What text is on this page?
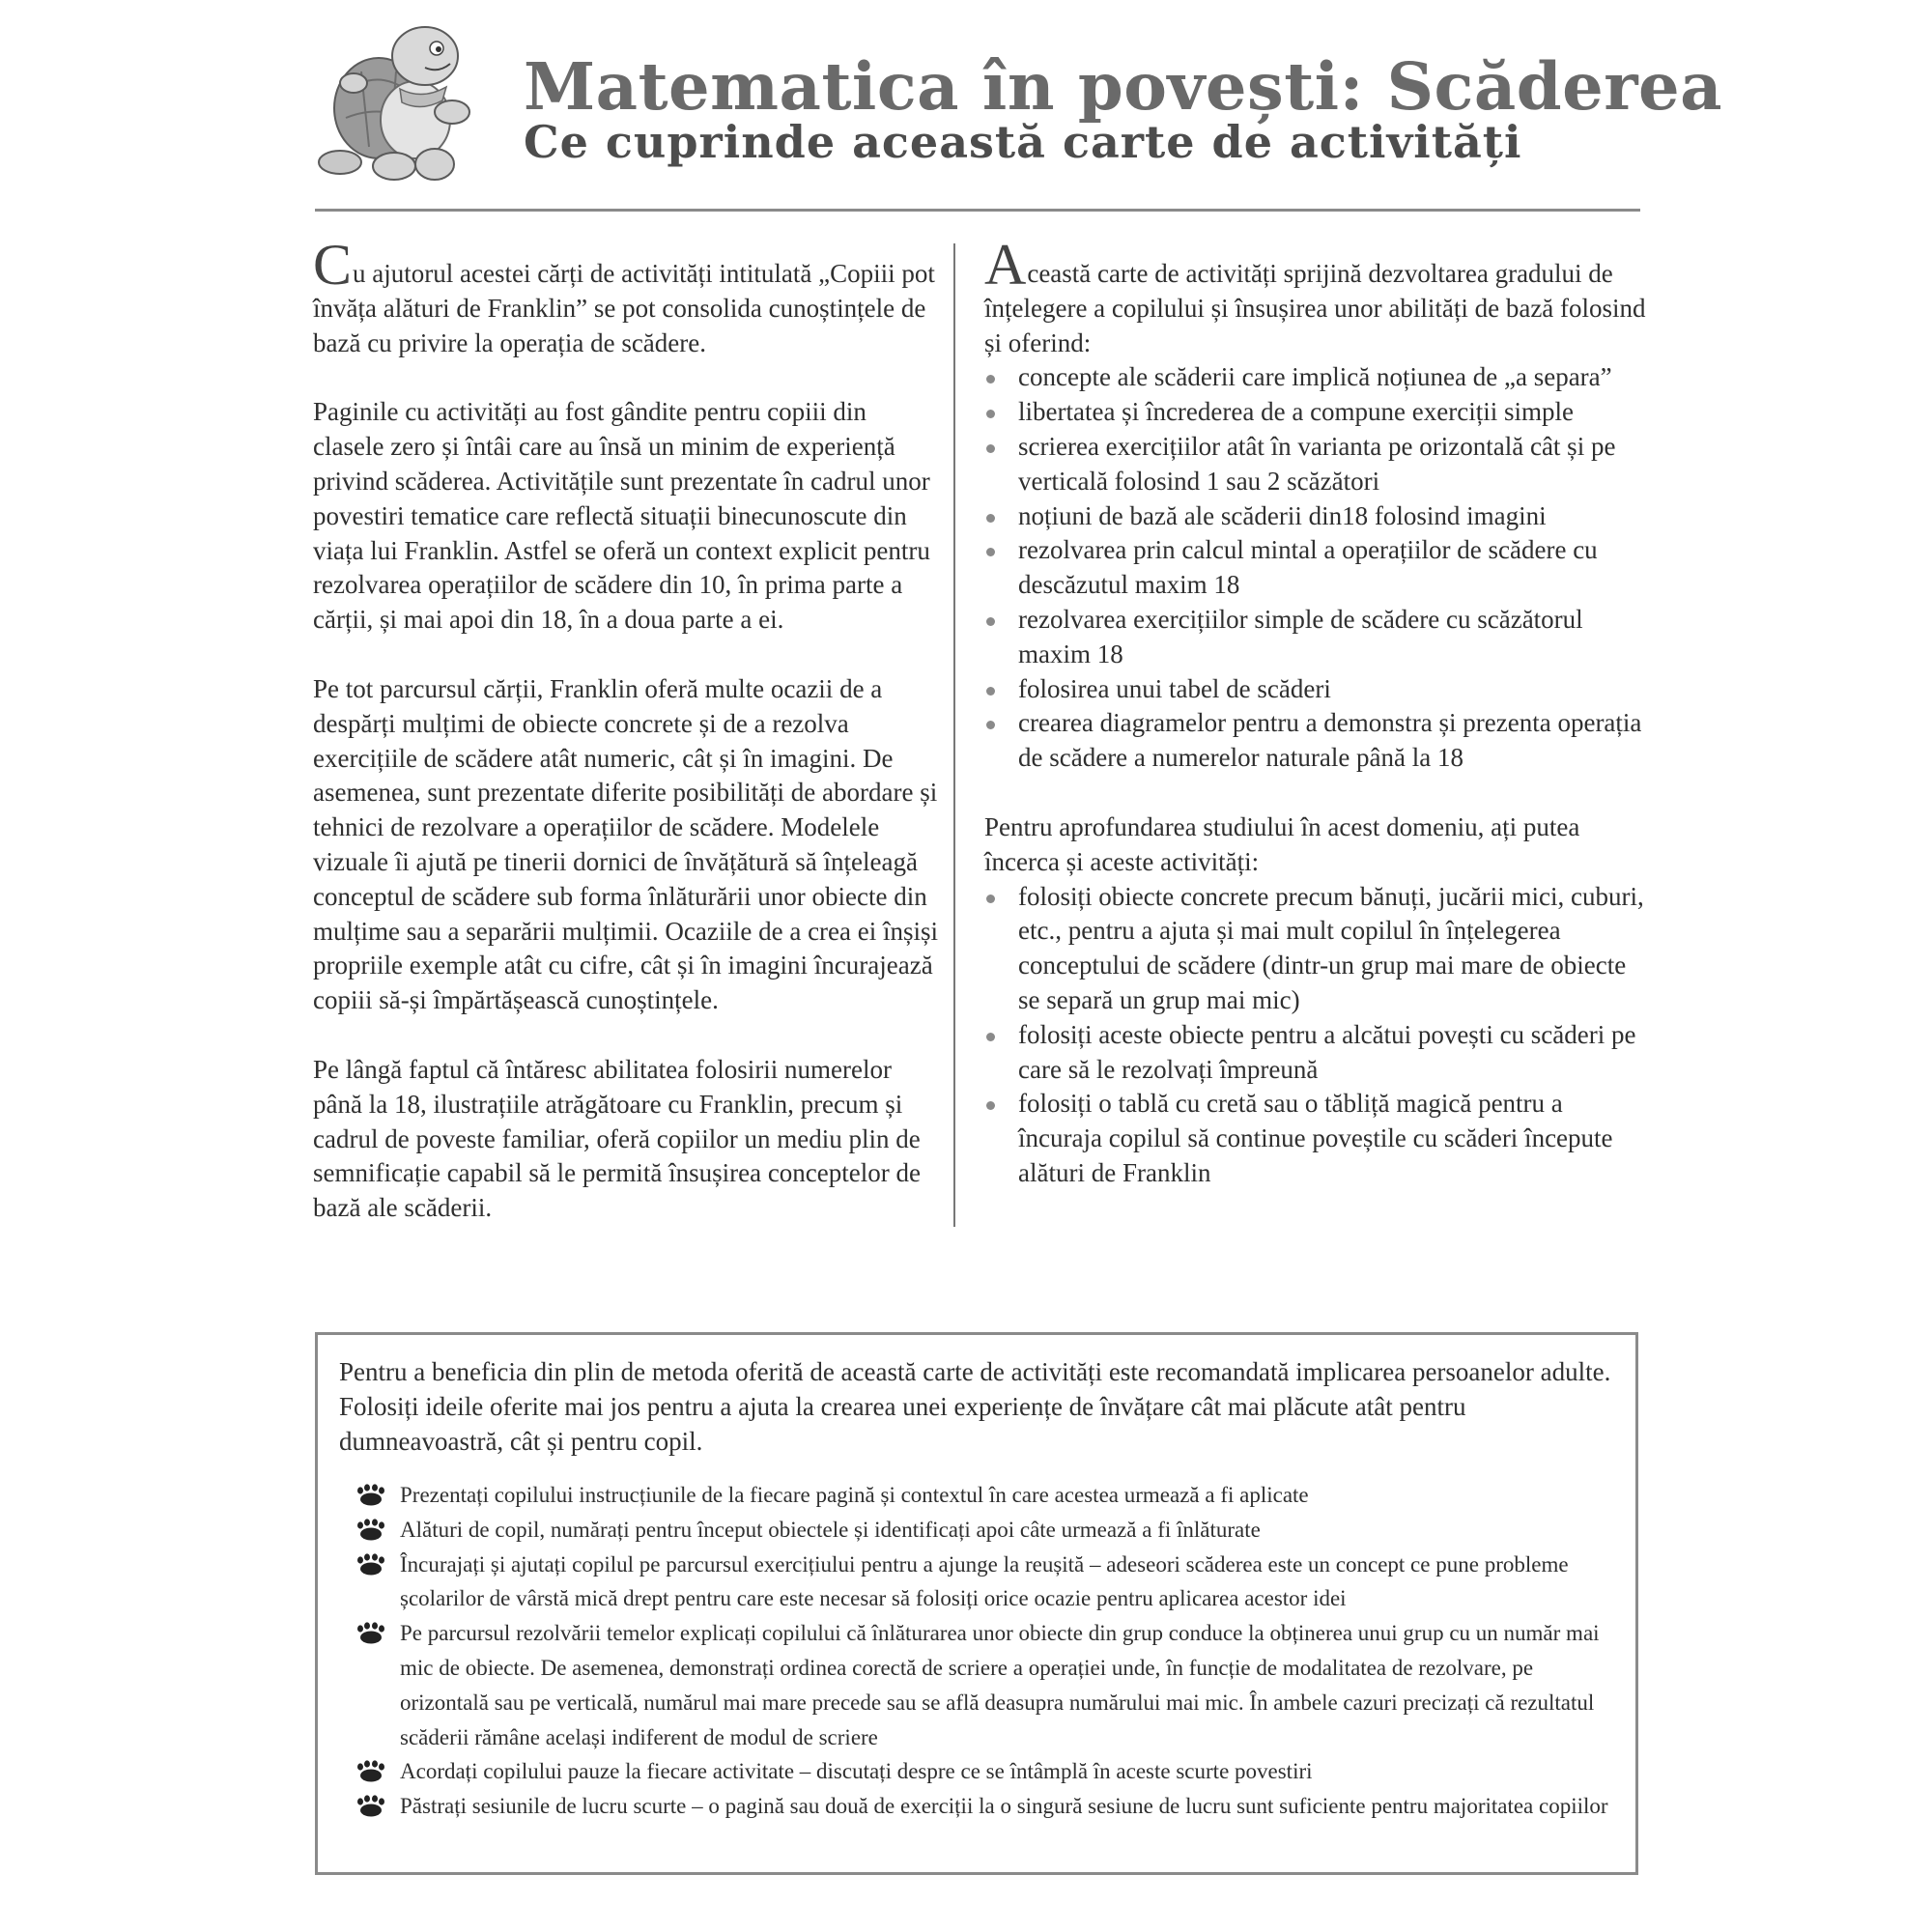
Matematica în povești: Scăderea
Ce cuprinde această carte de activități

Cu ajutorul acestei cărți de activități intitulată „Copiii pot învăța alături de Franklin” se pot consolida cunoștințele de bază cu privire la operația de scădere.

Paginile cu activități au fost gândite pentru copiii din clasele zero și întâi care au însă un minim de experiență privind scăderea. Activitățile sunt prezentate în cadrul unor povestiri tematice care reflectă situații binecunoscute din viața lui Franklin. Astfel se oferă un context explicit pentru rezolvarea operațiilor de scădere din 10, în prima parte a cărții, și mai apoi din 18, în a doua parte a ei.

Pe tot parcursul cărții, Franklin oferă multe ocazii de a despărți mulțimi de obiecte concrete și de a rezolva exercițiile de scădere atât numeric, cât și în imagini. De asemenea, sunt prezentate diferite posibilități de abordare și tehnici de rezolvare a operațiilor de scădere. Modelele vizuale îi ajută pe tinerii dornici de învățătură să înțeleagă conceptul de scădere sub forma înlăturării unor obiecte din mulțime sau a separării mulțimii. Ocaziile de a crea ei înșiși propriile exemple atât cu cifre, cât și în imagini încurajează copiii să-și împărtășească cunoștințele.

Pe lângă faptul că întăresc abilitatea folosirii numerelor până la 18, ilustrațiile atrăgătoare cu Franklin, precum și cadrul de poveste familiar, oferă copiilor un mediu plin de semnificație capabil să le permită însușirea conceptelor de bază ale scăderii.

Această carte de activități sprijină dezvoltarea gradului de înțelegere a copilului și însușirea unor abilități de bază folosind și oferind:

concepte ale scăderii care implică noțiunea de „a separa”
libertatea și încrederea de a compune exerciții simple
scrierea exercițiilor atât în varianta pe orizontală cât și pe verticală folosind 1 sau 2 scăzători
noțiuni de bază ale scăderii din18 folosind imagini
rezolvarea prin calcul mintal a operațiilor de scădere cu descăzutul maxim 18
rezolvarea exercițiilor simple de scădere cu scăzătorul maxim 18
folosirea unui tabel de scăderi
crearea diagramelor pentru a demonstra și prezenta operația de scădere a numerelor naturale până la 18

Pentru aprofundarea studiului în acest domeniu, ați putea încerca și aceste activități:

folosiți obiecte concrete precum bănuți, jucării mici, cuburi, etc., pentru a ajuta și mai mult copilul în înțelegerea conceptului de scădere (dintr-un grup mai mare de obiecte se separă un grup mai mic)
folosiți aceste obiecte pentru a alcătui povești cu scăderi pe care să le rezolvați împreună
folosiți o tablă cu cretă sau o tăbliță magică pentru a încuraja copilul să continue poveștile cu scăderi începute alături de Franklin

Pentru a beneficia din plin de metoda oferită de această carte de activități este recomandată implicarea persoanelor adulte. Folosiți ideile oferite mai jos pentru a ajuta la crearea unei experiențe de învățare cât mai plăcute atât pentru dumneavoastră, cât și pentru copil.

Prezentați copilului instrucțiunile de la fiecare pagină și contextul în care acestea urmează a fi aplicate
Alături de copil, numărați pentru început obiectele și identificați apoi câte urmează a fi înlăturate
Încurajați și ajutați copilul pe parcursul exercițiului pentru a ajunge la reușită – adeseori scăderea este un concept ce pune probleme școlarilor de vârstă mică drept pentru care este necesar să folosiți orice ocazie pentru aplicarea acestor idei
Pe parcursul rezolvării temelor explicați copilului că înlăturarea unor obiecte din grup conduce la obținerea unui grup cu un număr mai mic de obiecte. De asemenea, demonstrați ordinea corectă de scriere a operației unde, în funcție de modalitatea de rezolvare, pe orizontală sau pe verticală, numărul mai mare precede sau se află deasupra numărului mai mic. În ambele cazuri precizați că rezultatul scăderii rămâne același indiferent de modul de scriere
Acordați copilului pauze la fiecare activitate – discutați despre ce se întâmplă în aceste scurte povestiri
Păstrați sesiunile de lucru scurte – o pagină sau două de exerciții la o singură sesiune de lucru sunt suficiente pentru majoritatea copiilor
